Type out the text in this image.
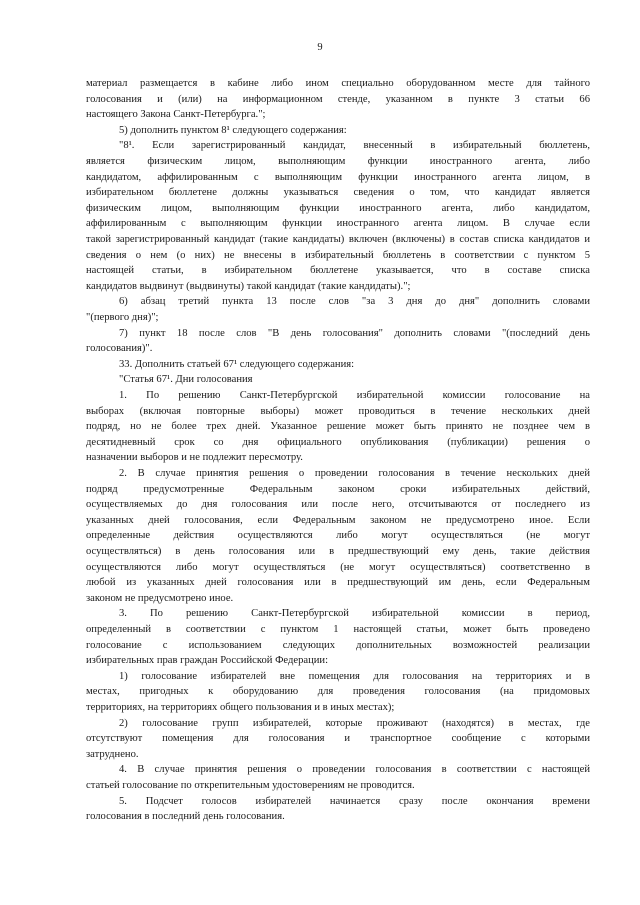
9
материал размещается в кабине либо ином специально оборудованном месте для тайного
голосования и (или) на информационном стенде, указанном в пункте 3 статьи 66
настоящего Закона Санкт-Петербурга.";
5) дополнить пунктом 8¹ следующего содержания:
"8¹. Если зарегистрированный кандидат, внесенный в избирательный бюллетень,
является физическим лицом, выполняющим функции иностранного агента, либо
кандидатом, аффилированным с выполняющим функции иностранного агента лицом, в
избирательном бюллетене должны указываться сведения о том, что кандидат является
физическим лицом, выполняющим функции иностранного агента, либо кандидатом,
аффилированным с выполняющим функции иностранного агента лицом. В случае если
такой зарегистрированный кандидат (такие кандидаты) включен (включены) в состав списка кандидатов и
сведения о нем (о них) не внесены в избирательный бюллетень в соответствии с пунктом 5
настоящей статьи, в избирательном бюллетене указывается, что в составе списка
кандидатов выдвинут (выдвинуты) такой кандидат (такие кандидаты).";
6) абзац третий пункта 13 после слов "за 3 дня до дня" дополнить словами
"(первого дня)";
7) пункт 18 после слов "В день голосования" дополнить словами "(последний день
голосования)".
33. Дополнить статьей 67¹ следующего содержания:
"Статья 67¹. Дни голосования
1. По решению Санкт-Петербургской избирательной комиссии голосование на
выборах (включая повторные выборы) может проводиться в течение нескольких дней
подряд, но не более трех дней. Указанное решение может быть принято не позднее чем в
десятидневный срок со дня официального опубликования (публикации) решения о
назначении выборов и не подлежит пересмотру.
2. В случае принятия решения о проведении голосования в течение нескольких дней
подряд предусмотренные Федеральным законом сроки избирательных действий,
осуществляемых до дня голосования или после него, отсчитываются от последнего из
указанных дней голосования, если Федеральным законом не предусмотрено иное. Если
определенные действия осуществляются либо могут осуществляться (не могут
осуществляться) в день голосования или в предшествующий ему день, такие действия
осуществляются либо могут осуществляться (не могут осуществляться) соответственно в
любой из указанных дней голосования или в предшествующий им день, если Федеральным
законом не предусмотрено иное.
3. По решению Санкт-Петербургской избирательной комиссии в период,
определенный в соответствии с пунктом 1 настоящей статьи, может быть проведено
голосование с использованием следующих дополнительных возможностей реализации
избирательных прав граждан Российской Федерации:
1) голосование избирателей вне помещения для голосования на территориях и в
местах, пригодных к оборудованию для проведения голосования (на придомовых
территориях, на территориях общего пользования и в иных местах);
2) голосование групп избирателей, которые проживают (находятся) в местах, где
отсутствуют помещения для голосования и транспортное сообщение с которыми
затруднено.
4. В случае принятия решения о проведении голосования в соответствии с настоящей
статьей голосование по открепительным удостоверениям не проводится.
5. Подсчет голосов избирателей начинается сразу после окончания времени
голосования в последний день голосования.
